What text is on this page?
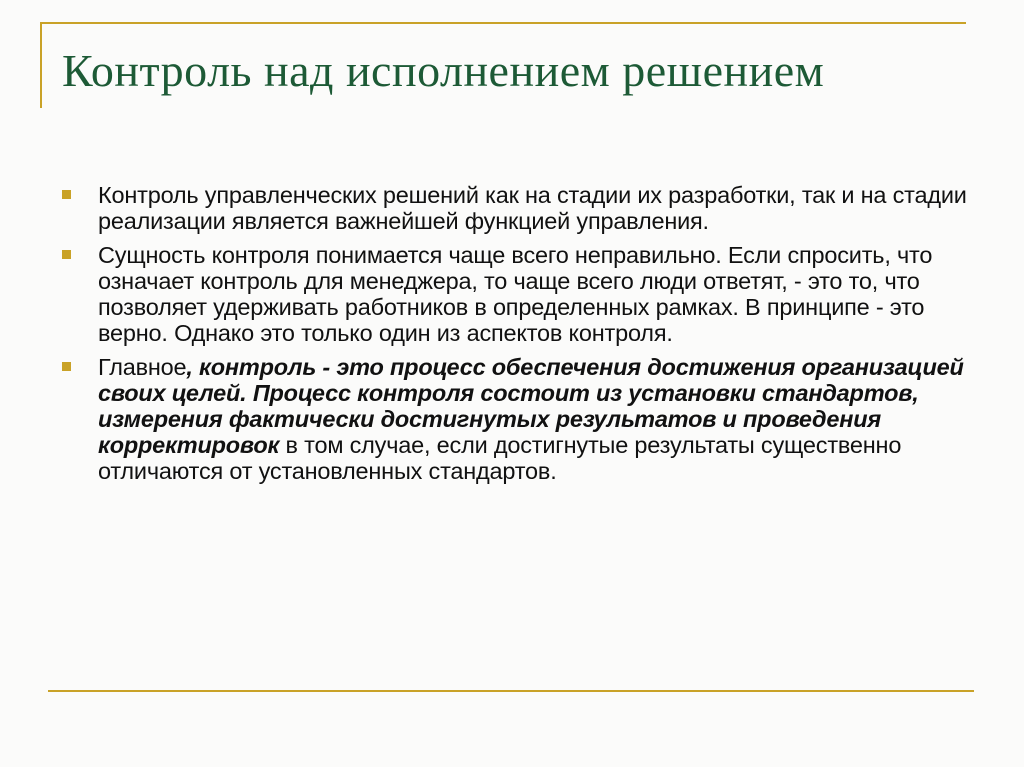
Контроль над исполнением решением
Контроль управленческих решений как на стадии их разработки, так и на стадии реализации является важнейшей функцией управления.
Сущность контроля понимается чаще всего неправильно. Если спросить, что означает контроль для менеджера, то чаще всего люди ответят, - это то, что позволяет удерживать работников в определенных рамках. В принципе - это верно. Однако это только один из аспектов контроля.
Главное, контроль - это процесс обеспечения достижения организацией своих целей. Процесс контроля состоит из установки стандартов, измерения фактически достигнутых результатов и проведения корректировок в том случае, если достигнутые результаты существенно отличаются от установленных стандартов.
